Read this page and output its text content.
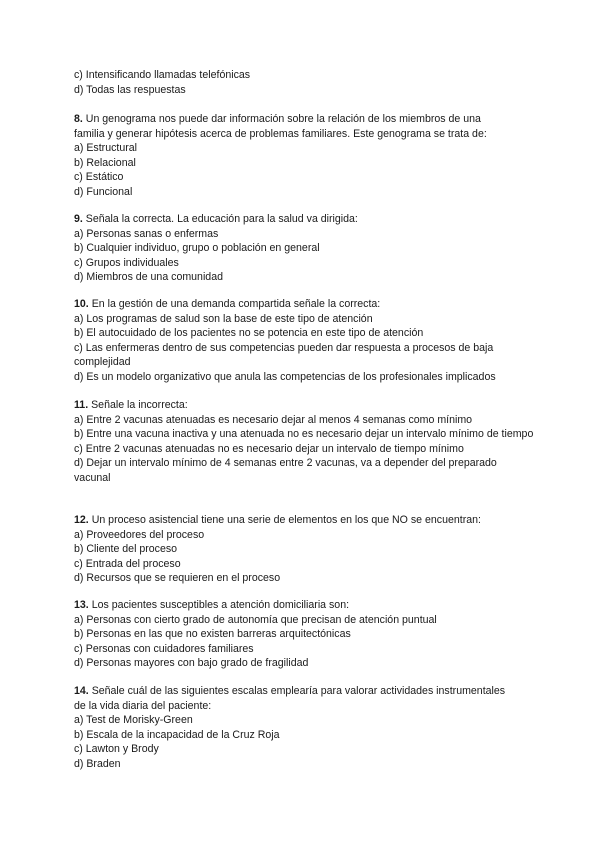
c) Intensificando llamadas telefónicas
d) Todas las respuestas
8. Un genograma nos puede dar información sobre la relación de los miembros de una
familia y generar hipótesis acerca de problemas familiares. Este genograma se trata de:
a) Estructural
b) Relacional
c) Estático
d) Funcional
9. Señala la correcta. La educación para la salud va dirigida:
a) Personas sanas o enfermas
b) Cualquier individuo, grupo o población en general
c) Grupos individuales
d) Miembros de una comunidad
10. En la gestión de una demanda compartida señale la correcta:
a) Los programas de salud son la base de este tipo de atención
b) El autocuidado de los pacientes no se potencia en este tipo de atención
c) Las enfermeras dentro de sus competencias pueden dar respuesta a procesos de baja complejidad
d) Es un modelo organizativo que anula las competencias de los profesionales implicados
11. Señale la incorrecta:
a) Entre 2 vacunas atenuadas es necesario dejar al menos 4 semanas como mínimo
b) Entre una vacuna inactiva y una atenuada no es necesario dejar un intervalo mínimo de tiempo
c) Entre 2 vacunas atenuadas no es necesario dejar un intervalo de tiempo mínimo
d) Dejar un intervalo mínimo de 4 semanas entre 2 vacunas, va a depender del preparado vacunal
12. Un proceso asistencial tiene una serie de elementos en los que NO se encuentran:
a) Proveedores del proceso
b) Cliente del proceso
c) Entrada del proceso
d) Recursos que se requieren en el proceso
13. Los pacientes susceptibles a atención domiciliaria son:
a) Personas con cierto grado de autonomía que precisan de atención puntual
b) Personas en las que no existen barreras arquitectónicas
c) Personas con cuidadores familiares
d) Personas mayores con bajo grado de fragilidad
14. Señale cuál de las siguientes escalas emplearía para valorar actividades instrumentales
de la vida diaria del paciente:
a) Test de Morisky-Green
b) Escala de la incapacidad de la Cruz Roja
c) Lawton y Brody
d) Braden
